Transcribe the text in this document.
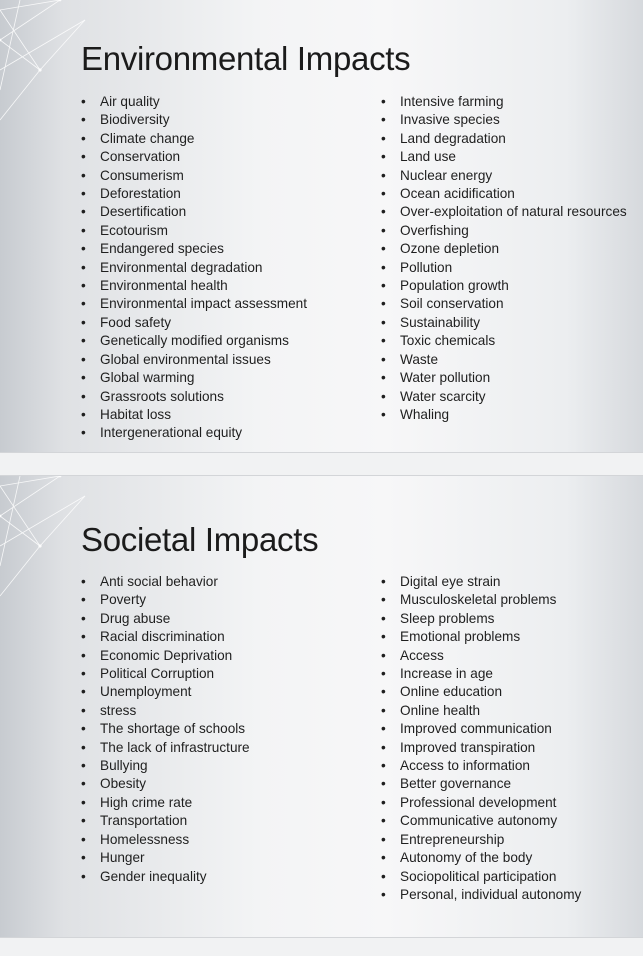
Environmental Impacts
• Air quality
• Biodiversity
• Climate change
• Conservation
• Consumerism
• Deforestation
• Desertification
• Ecotourism
• Endangered species
• Environmental degradation
• Environmental health
• Environmental impact assessment
• Food safety
• Genetically modified organisms
• Global environmental issues
• Global warming
• Grassroots solutions
• Habitat loss
• Intergenerational equity
• Intensive farming
• Invasive species
• Land degradation
• Land use
• Nuclear energy
• Ocean acidification
• Over-exploitation of natural resources
• Overfishing
• Ozone depletion
• Pollution
• Population growth
• Soil conservation
• Sustainability
• Toxic chemicals
• Waste
• Water pollution
• Water scarcity
• Whaling
Societal Impacts
• Anti social behavior
• Poverty
• Drug abuse
• Racial discrimination
• Economic Deprivation
• Political Corruption
• Unemployment
• stress
• The shortage of schools
• The lack of infrastructure
• Bullying
• Obesity
• High crime rate
• Transportation
• Homelessness
• Hunger
• Gender inequality
• Digital eye strain
• Musculoskeletal problems
• Sleep problems
• Emotional problems
• Access
• Increase in age
• Online education
• Online health
• Improved communication
• Improved transpiration
• Access to information
• Better governance
• Professional development
• Communicative autonomy
• Entrepreneurship
• Autonomy of the body
• Sociopolitical participation
• Personal, individual autonomy
